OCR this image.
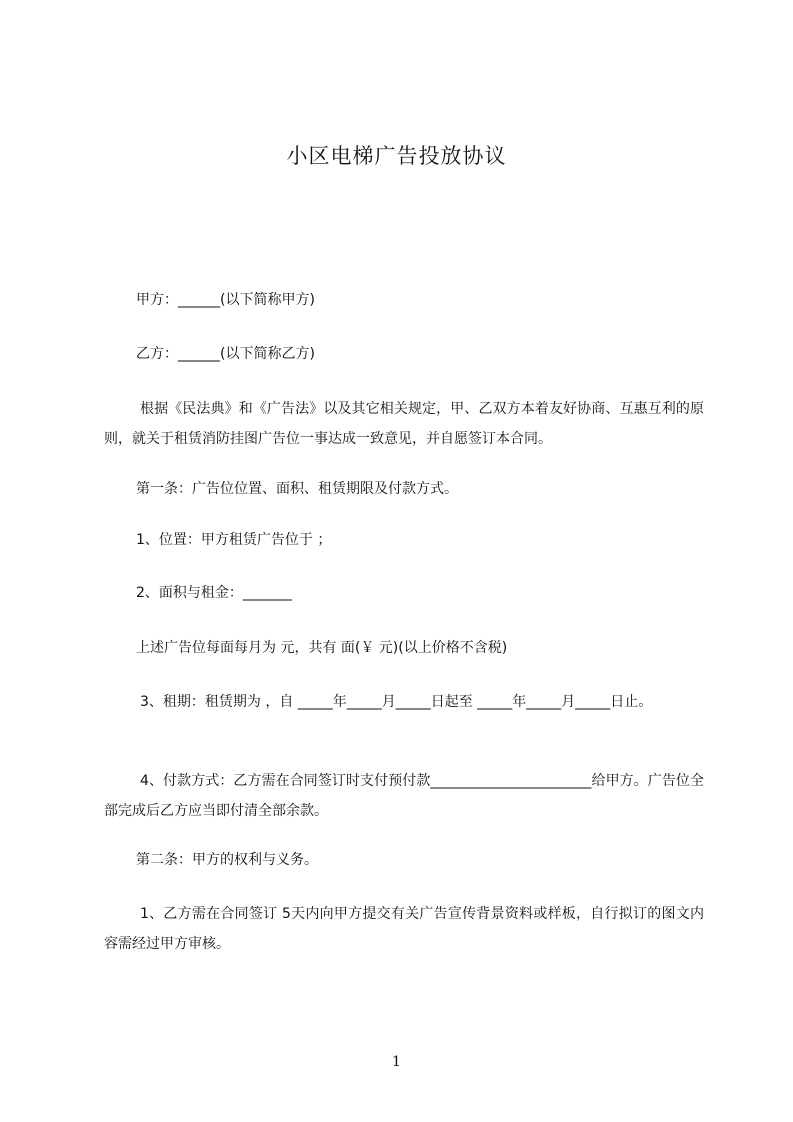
小区电梯广告投放协议

甲方：______(以下简称甲方)

乙方：______(以下简称乙方)

根据《民法典》和《广告法》以及其它相关规定，甲、乙双方本着友好协商、互惠互利的原则，就关于租赁消防挂图广告位一事达成一致意见，并自愿签订本合同。

第一条：广告位位置、面积、租赁期限及付款方式。

1、位置：甲方租赁广告位于 ；

2、面积与租金：_______

上述广告位每面每月为 元，共有 面(￥ 元)(以上价格不含税)

3、租期：租赁期为 ，自 _____年_____月_____日起至 _____年_____月_____日止。

4、付款方式：乙方需在合同签订时支付预付款_______________________给甲方。广告位全部完成后乙方应当即付清全部余款。

第二条：甲方的权利与义务。

1、乙方需在合同签订 5天内向甲方提交有关广告宣传背景资料或样板，自行拟订的图文内容需经过甲方审核。

1
